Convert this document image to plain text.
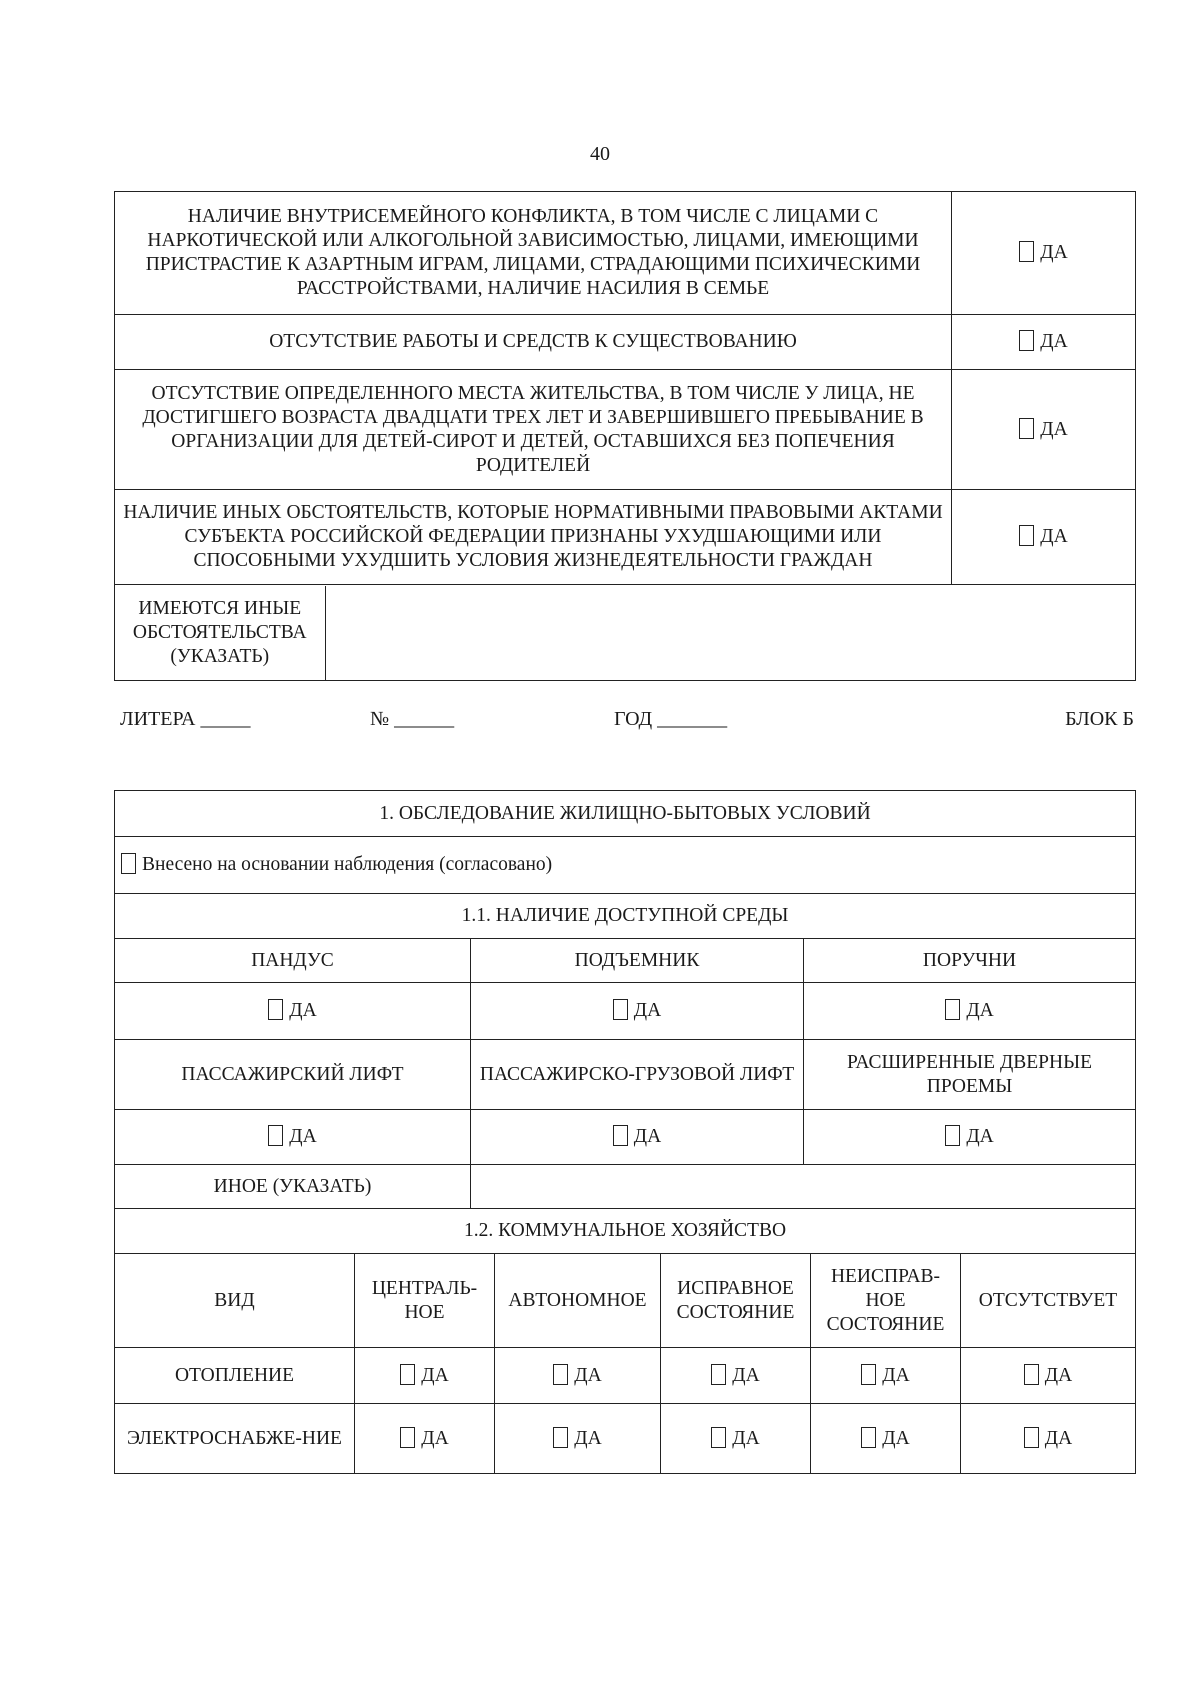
40
НАЛИЧИЕ ВНУТРИСЕМЕЙНОГО КОНФЛИКТА, В ТОМ ЧИСЛЕ С ЛИЦАМИ С НАРКОТИЧЕСКОЙ ИЛИ АЛКОГОЛЬНОЙ ЗАВИСИМОСТЬЮ, ЛИЦАМИ, ИМЕЮЩИМИ ПРИСТРАСТИЕ К АЗАРТНЫМ ИГРАМ, ЛИЦАМИ, СТРАДАЮЩИМИ ПСИХИЧЕСКИМИ РАССТРОЙСТВАМИ, НАЛИЧИЕ НАСИЛИЯ В СЕМЬЕ	ДА
ОТСУТСТВИЕ РАБОТЫ И СРЕДСТВ К СУЩЕСТВОВАНИЮ	ДА
ОТСУТСТВИЕ ОПРЕДЕЛЕННОГО МЕСТА ЖИТЕЛЬСТВА, В ТОМ ЧИСЛЕ У ЛИЦА, НЕ ДОСТИГШЕГО ВОЗРАСТА ДВАДЦАТИ ТРЕХ ЛЕТ И ЗАВЕРШИВШЕГО ПРЕБЫВАНИЕ В ОРГАНИЗАЦИИ ДЛЯ ДЕТЕЙ-СИРОТ И ДЕТЕЙ, ОСТАВШИХСЯ БЕЗ ПОПЕЧЕНИЯ РОДИТЕЛЕЙ	ДА
НАЛИЧИЕ ИНЫХ ОБСТОЯТЕЛЬСТВ, КОТОРЫЕ НОРМАТИВНЫМИ ПРАВОВЫМИ АКТАМИ СУБЪЕКТА РОССИЙСКОЙ ФЕДЕРАЦИИ ПРИЗНАНЫ УХУДШАЮЩИМИ ИЛИ СПОСОБНЫМИ УХУДШИТЬ УСЛОВИЯ ЖИЗНЕДЕЯТЕЛЬНОСТИ ГРАЖДАН	ДА

ИМЕЮТСЯ ИНЫЕ ОБСТОЯТЕЛЬСТВА (УКАЗАТЬ)	
ЛИТЕРА _____	№ ______	ГОД _______	БЛОК Б
1. ОБСЛЕДОВАНИЕ ЖИЛИЩНО-БЫТОВЫХ УСЛОВИЙ		
Внесено на основании наблюдения (согласовано)		
1.1. НАЛИЧИЕ ДОСТУПНОЙ СРЕДЫ		
ПАНДУС	ПОДЪЕМНИК	ПОРУЧНИ
ДА	ДА	ДА
ПАССАЖИРСКИЙ ЛИФТ	ПАССАЖИРСКО-ГРУЗОВОЙ ЛИФТ	РАСШИРЕННЫЕ ДВЕРНЫЕ ПРОЕМЫ
ДА	ДА	ДА
ИНОЕ (УКАЗАТЬ)		
1.2. КОММУНАЛЬНОЕ ХОЗЯЙСТВО		
ВИД	ЦЕНТРАЛЬ-НОЕ	АВТОНОМНОЕ	ИСПРАВНОЕ СОСТОЯНИЕ	НЕИСПРАВ-НОЕ СОСТОЯНИЕ	ОТСУТСТВУЕТ
ОТОПЛЕНИЕ	ДА	ДА	ДА	ДА	ДА
ЭЛЕКТРОСНАБЖЕ-НИЕ	ДА	ДА	ДА	ДА	ДА
